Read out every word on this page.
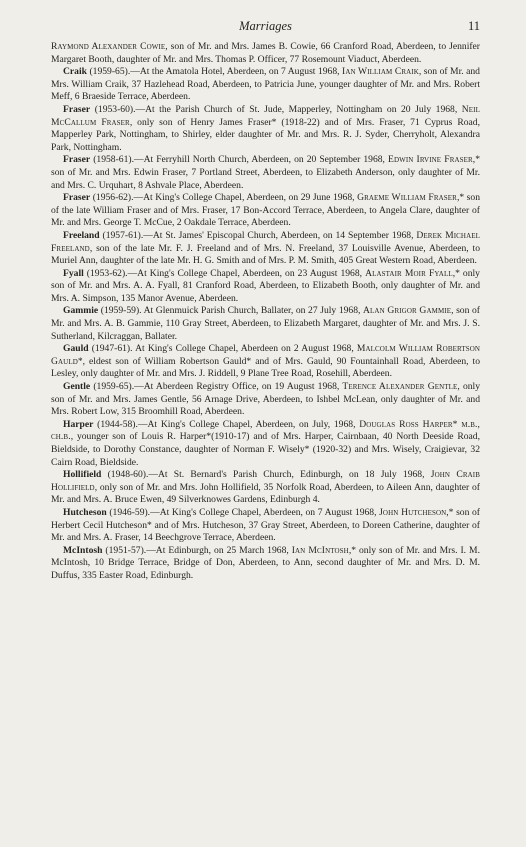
Marriages	11

Raymond Alexander Cowie, son of Mr. and Mrs. James B. Cowie, 66 Cranford Road, Aberdeen, to Jennifer Margaret Booth, daughter of Mr. and Mrs. Thomas P. Officer, 77 Rosemount Viaduct, Aberdeen.

Craik (1959-65).—At the Amatola Hotel, Aberdeen, on 7 August 1968, Ian William Craik, son of Mr. and Mrs. William Craik, 37 Hazlehead Road, Aberdeen, to Patricia June, younger daughter of Mr. and Mrs. Robert Meff, 6 Braeside Terrace, Aberdeen.

Fraser (1953-60).—At the Parish Church of St. Jude, Mapperley, Nottingham on 20 July 1968, Neil McCallum Fraser, only son of Henry James Fraser* (1918-22) and of Mrs. Fraser, 71 Cyprus Road, Mapperley Park, Nottingham, to Shirley, elder daughter of Mr. and Mrs. R. J. Syder, Cherryholt, Alexandra Park, Nottingham.

Fraser (1958-61).—At Ferryhill North Church, Aberdeen, on 20 September 1968, Edwin Irvine Fraser,* son of Mr. and Mrs. Edwin Fraser, 7 Portland Street, Aberdeen, to Elizabeth Anderson, only daughter of Mr. and Mrs. C. Urquhart, 8 Ashvale Place, Aberdeen.

Fraser (1956-62).—At King's College Chapel, Aberdeen, on 29 June 1968, Graeme William Fraser,* son of the late William Fraser and of Mrs. Fraser, 17 Bon-Accord Terrace, Aberdeen, to Angela Clare, daughter of Mr. and Mrs. George T. McCue, 2 Oakdale Terrace, Aberdeen.

Freeland (1957-61).—At St. James' Episcopal Church, Aberdeen, on 14 September 1968, Derek Michael Freeland, son of the late Mr. F. J. Freeland and of Mrs. N. Freeland, 37 Louisville Avenue, Aberdeen, to Muriel Ann, daughter of the late Mr. H. G. Smith and of Mrs. P. M. Smith, 405 Great Western Road, Aberdeen.

Fyall (1953-62).—At King's College Chapel, Aberdeen, on 23 August 1968, Alastair Moir Fyall,* only son of Mr. and Mrs. A. A. Fyall, 81 Cranford Road, Aberdeen, to Elizabeth Booth, only daughter of Mr. and Mrs. A. Simpson, 135 Manor Avenue, Aberdeen.

Gammie (1959-59). At Glenmuick Parish Church, Ballater, on 27 July 1968, Alan Grigor Gammie, son of Mr. and Mrs. A. B. Gammie, 110 Gray Street, Aberdeen, to Elizabeth Margaret, daughter of Mr. and Mrs. J. S. Sutherland, Kilcraggan, Ballater.

Gauld (1947-61). At King's College Chapel, Aberdeen on 2 August 1968, Malcolm William Robertson Gauld*, eldest son of William Robertson Gauld* and of Mrs. Gauld, 90 Fountainhall Road, Aberdeen, to Lesley, only daughter of Mr. and Mrs. J. Riddell, 9 Plane Tree Road, Rosehill, Aberdeen.

Gentle (1959-65).—At Aberdeen Registry Office, on 19 August 1968, Terence Alexander Gentle, only son of Mr. and Mrs. James Gentle, 56 Arnage Drive, Aberdeen, to Ishbel McLean, only daughter of Mr. and Mrs. Robert Low, 315 Broomhill Road, Aberdeen.

Harper (1944-58).—At King's College Chapel, Aberdeen, on July, 1968, Douglas Ross Harper* m.b., ch.b., younger son of Louis R. Harper*(1910-17) and of Mrs. Harper, Cairnbaan, 40 North Deeside Road, Bieldside, to Dorothy Constance, daughter of Norman F. Wisely* (1920-32) and Mrs. Wisely, Craigievar, 32 Cairn Road, Bieldside.

Hollifield (1948-60).—At St. Bernard's Parish Church, Edinburgh, on 18 July 1968, John Craib Hollifield, only son of Mr. and Mrs. John Hollifield, 35 Norfolk Road, Aberdeen, to Aileen Ann, daughter of Mr. and Mrs. A. Bruce Ewen, 49 Silverknowes Gardens, Edinburgh 4.

Hutcheson (1946-59).—At King's College Chapel, Aberdeen, on 7 August 1968, John Hutcheson,* son of Herbert Cecil Hutcheson* and of Mrs. Hutcheson, 37 Gray Street, Aberdeen, to Doreen Catherine, daughter of Mr. and Mrs. A. Fraser, 14 Beechgrove Terrace, Aberdeen.

McIntosh (1951-57).—At Edinburgh, on 25 March 1968, Ian McIntosh,* only son of Mr. and Mrs. I. M. McIntosh, 10 Bridge Terrace, Bridge of Don, Aberdeen, to Ann, second daughter of Mr. and Mrs. D. M. Duffus, 335 Easter Road, Edinburgh.
